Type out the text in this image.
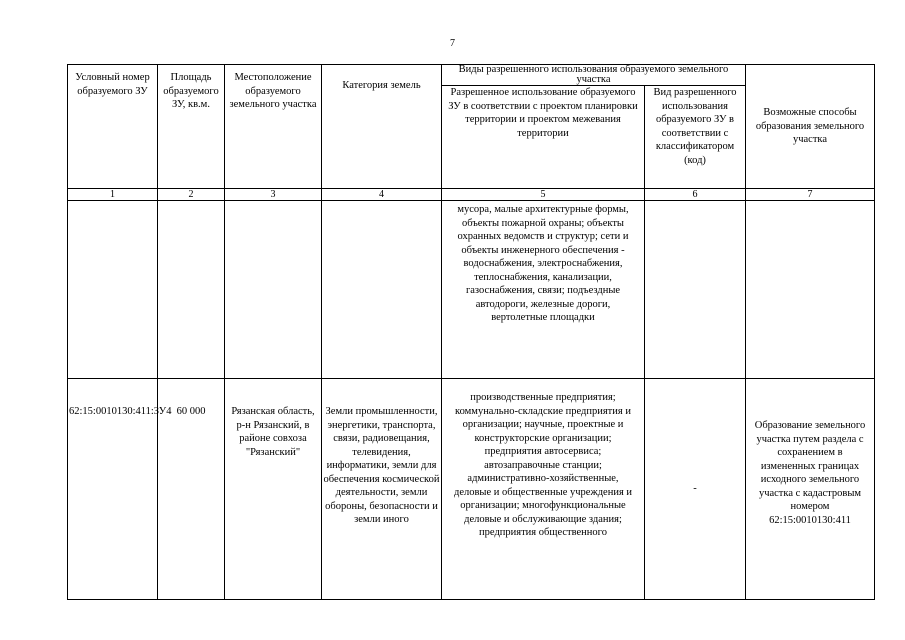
7
Условный номер образуемого ЗУ	Площадь образуемого ЗУ, кв.м.	Местоположение образуемого земельного участка	Категория земель	Виды разрешенного использования образуемого земельного участка		Возможные способы образования земельного участка
				Разрешенное использование образуемого ЗУ в соответствии с проектом планировки территории и проектом межевания территории	Вид разрешенного использования образуемого ЗУ в соответствии с классификатором (код)	
1	2	3	4	5	6	7
				мусора, малые архитектурные формы, объекты пожарной охраны; объекты охранных ведомств и структур; сети и объекты инженерного обеспечения - водоснабжения, электроснабжения, теплоснабжения, канализации, газоснабжения, связи; подъездные автодороги, железные дороги, вертолетные площадки		
62:15:0010130:411:ЗУ4	60 000	Рязанская область, р-н Рязанский, в районе совхоза "Рязанский"	Земли промышленности, энергетики, транспорта, связи, радиовещания, телевидения, информатики, земли для обеспечения космической деятельности, земли обороны, безопасности и земли иного	производственные предприятия; коммунально-складские предприятия и организации; научные, проектные и конструкторские организации; предприятия автосервиса; автозаправочные станции; административно-хозяйственные, деловые и общественные учреждения и организации; многофункциональные деловые и обслуживающие здания; предприятия общественного	-	Образование земельного участка путем раздела с сохранением в измененных границах исходного земельного участка с кадастровым номером 62:15:0010130:411
